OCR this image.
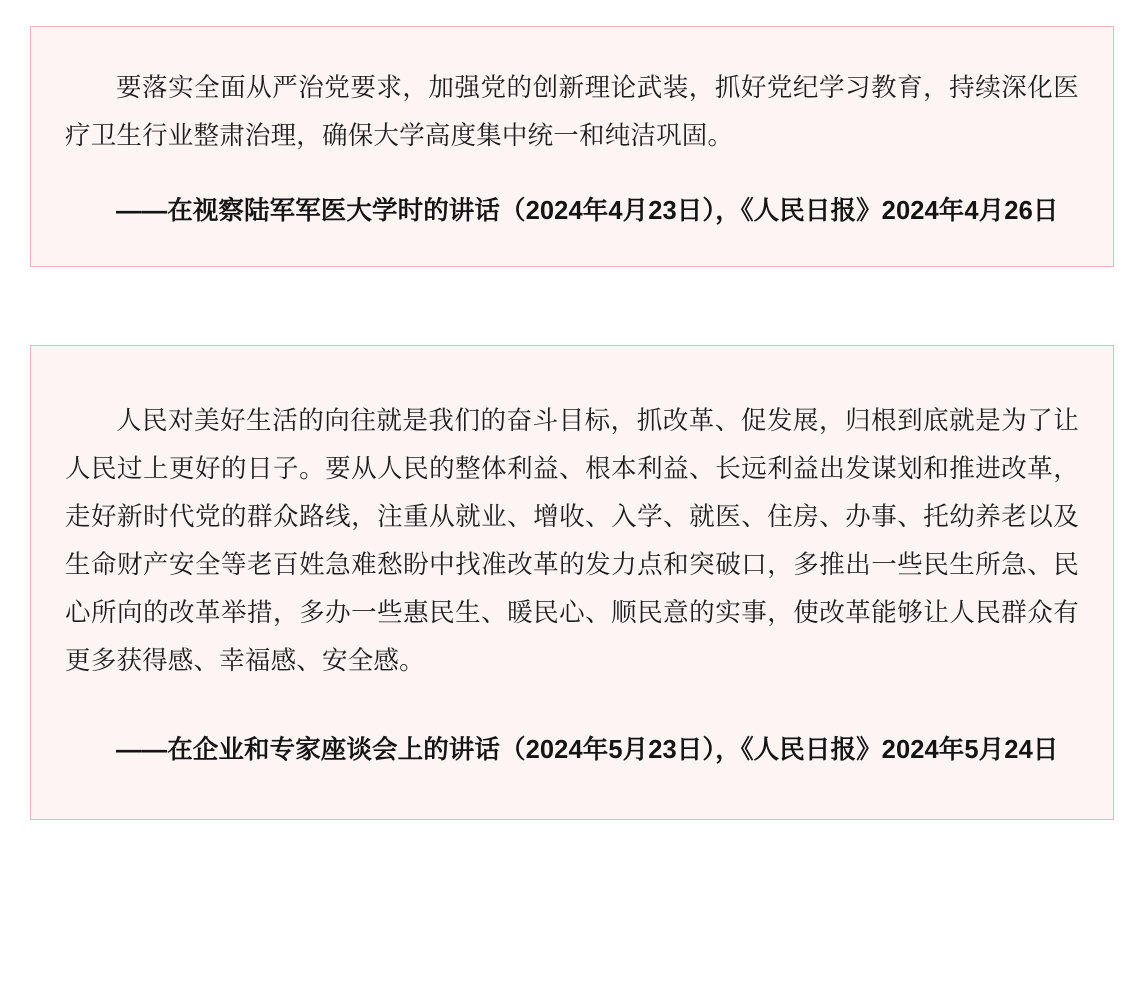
要落实全面从严治党要求，加强党的创新理论武装，抓好党纪学习教育，持续深化医疗卫生行业整肃治理，确保大学高度集中统一和纯洁巩固。

——在视察陆军军医大学时的讲话（2024年4月23日），《人民日报》2024年4月26日

人民对美好生活的向往就是我们的奋斗目标，抓改革、促发展，归根到底就是为了让人民过上更好的日子。要从人民的整体利益、根本利益、长远利益出发谋划和推进改革，走好新时代党的群众路线，注重从就业、增收、入学、就医、住房、办事、托幼养老以及生命财产安全等老百姓急难愁盼中找准改革的发力点和突破口，多推出一些民生所急、民心所向的改革举措，多办一些惠民生、暖民心、顺民意的实事，使改革能够让人民群众有更多获得感、幸福感、安全感。

——在企业和专家座谈会上的讲话（2024年5月23日），《人民日报》2024年5月24日
